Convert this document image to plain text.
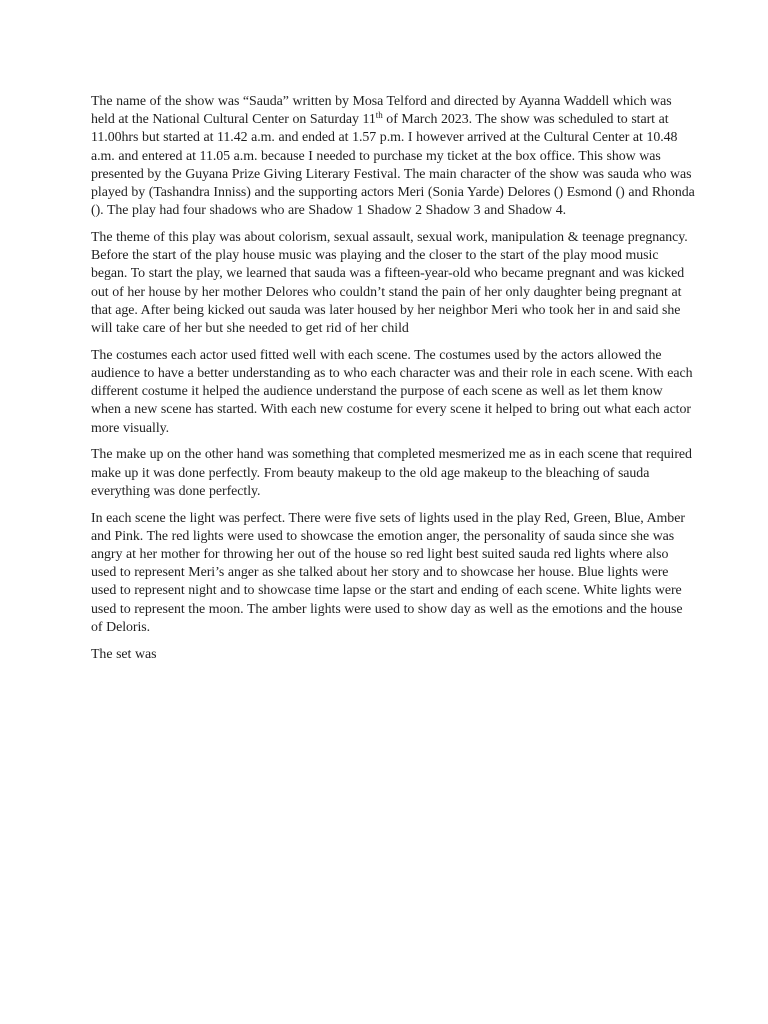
The name of the show was “Sauda” written by Mosa Telford and directed by Ayanna Waddell which was held at the National Cultural Center on Saturday 11th of March 2023. The show was scheduled to start at 11.00hrs but started at 11.42 a.m. and ended at 1.57 p.m. I however arrived at the Cultural Center at 10.48 a.m. and entered at 11.05 a.m. because I needed to purchase my ticket at the box office. This show was presented by the Guyana Prize Giving Literary Festival. The main character of the show was sauda who was played by (Tashandra Inniss) and the supporting actors Meri (Sonia Yarde) Delores () Esmond () and Rhonda (). The play had four shadows who are Shadow 1 Shadow 2 Shadow 3 and Shadow 4.

The theme of this play was about colorism, sexual assault, sexual work, manipulation & teenage pregnancy. Before the start of the play house music was playing and the closer to the start of the play mood music began. To start the play, we learned that sauda was a fifteen-year-old who became pregnant and was kicked out of her house by her mother Delores who couldn’t stand the pain of her only daughter being pregnant at that age. After being kicked out sauda was later housed by her neighbor Meri who took her in and said she will take care of her but she needed to get rid of her child

The costumes each actor used fitted well with each scene. The costumes used by the actors allowed the audience to have a better understanding as to who each character was and their role in each scene. With each different costume it helped the audience understand the purpose of each scene as well as let them know when a new scene has started. With each new costume for every scene it helped to bring out what each actor more visually.

The make up on the other hand was something that completed mesmerized me as in each scene that required make up it was done perfectly. From beauty makeup to the old age makeup to the bleaching of sauda everything was done perfectly.

In each scene the light was perfect. There were five sets of lights used in the play Red, Green, Blue, Amber and Pink. The red lights were used to showcase the emotion anger, the personality of sauda since she was angry at her mother for throwing her out of the house so red light best suited sauda red lights where also used to represent Meri’s anger as she talked about her story and to showcase her house. Blue lights were used to represent night and to showcase time lapse or the start and ending of each scene. White lights were used to represent the moon. The amber lights were used to show day as well as the emotions and the house of Deloris.

The set was
